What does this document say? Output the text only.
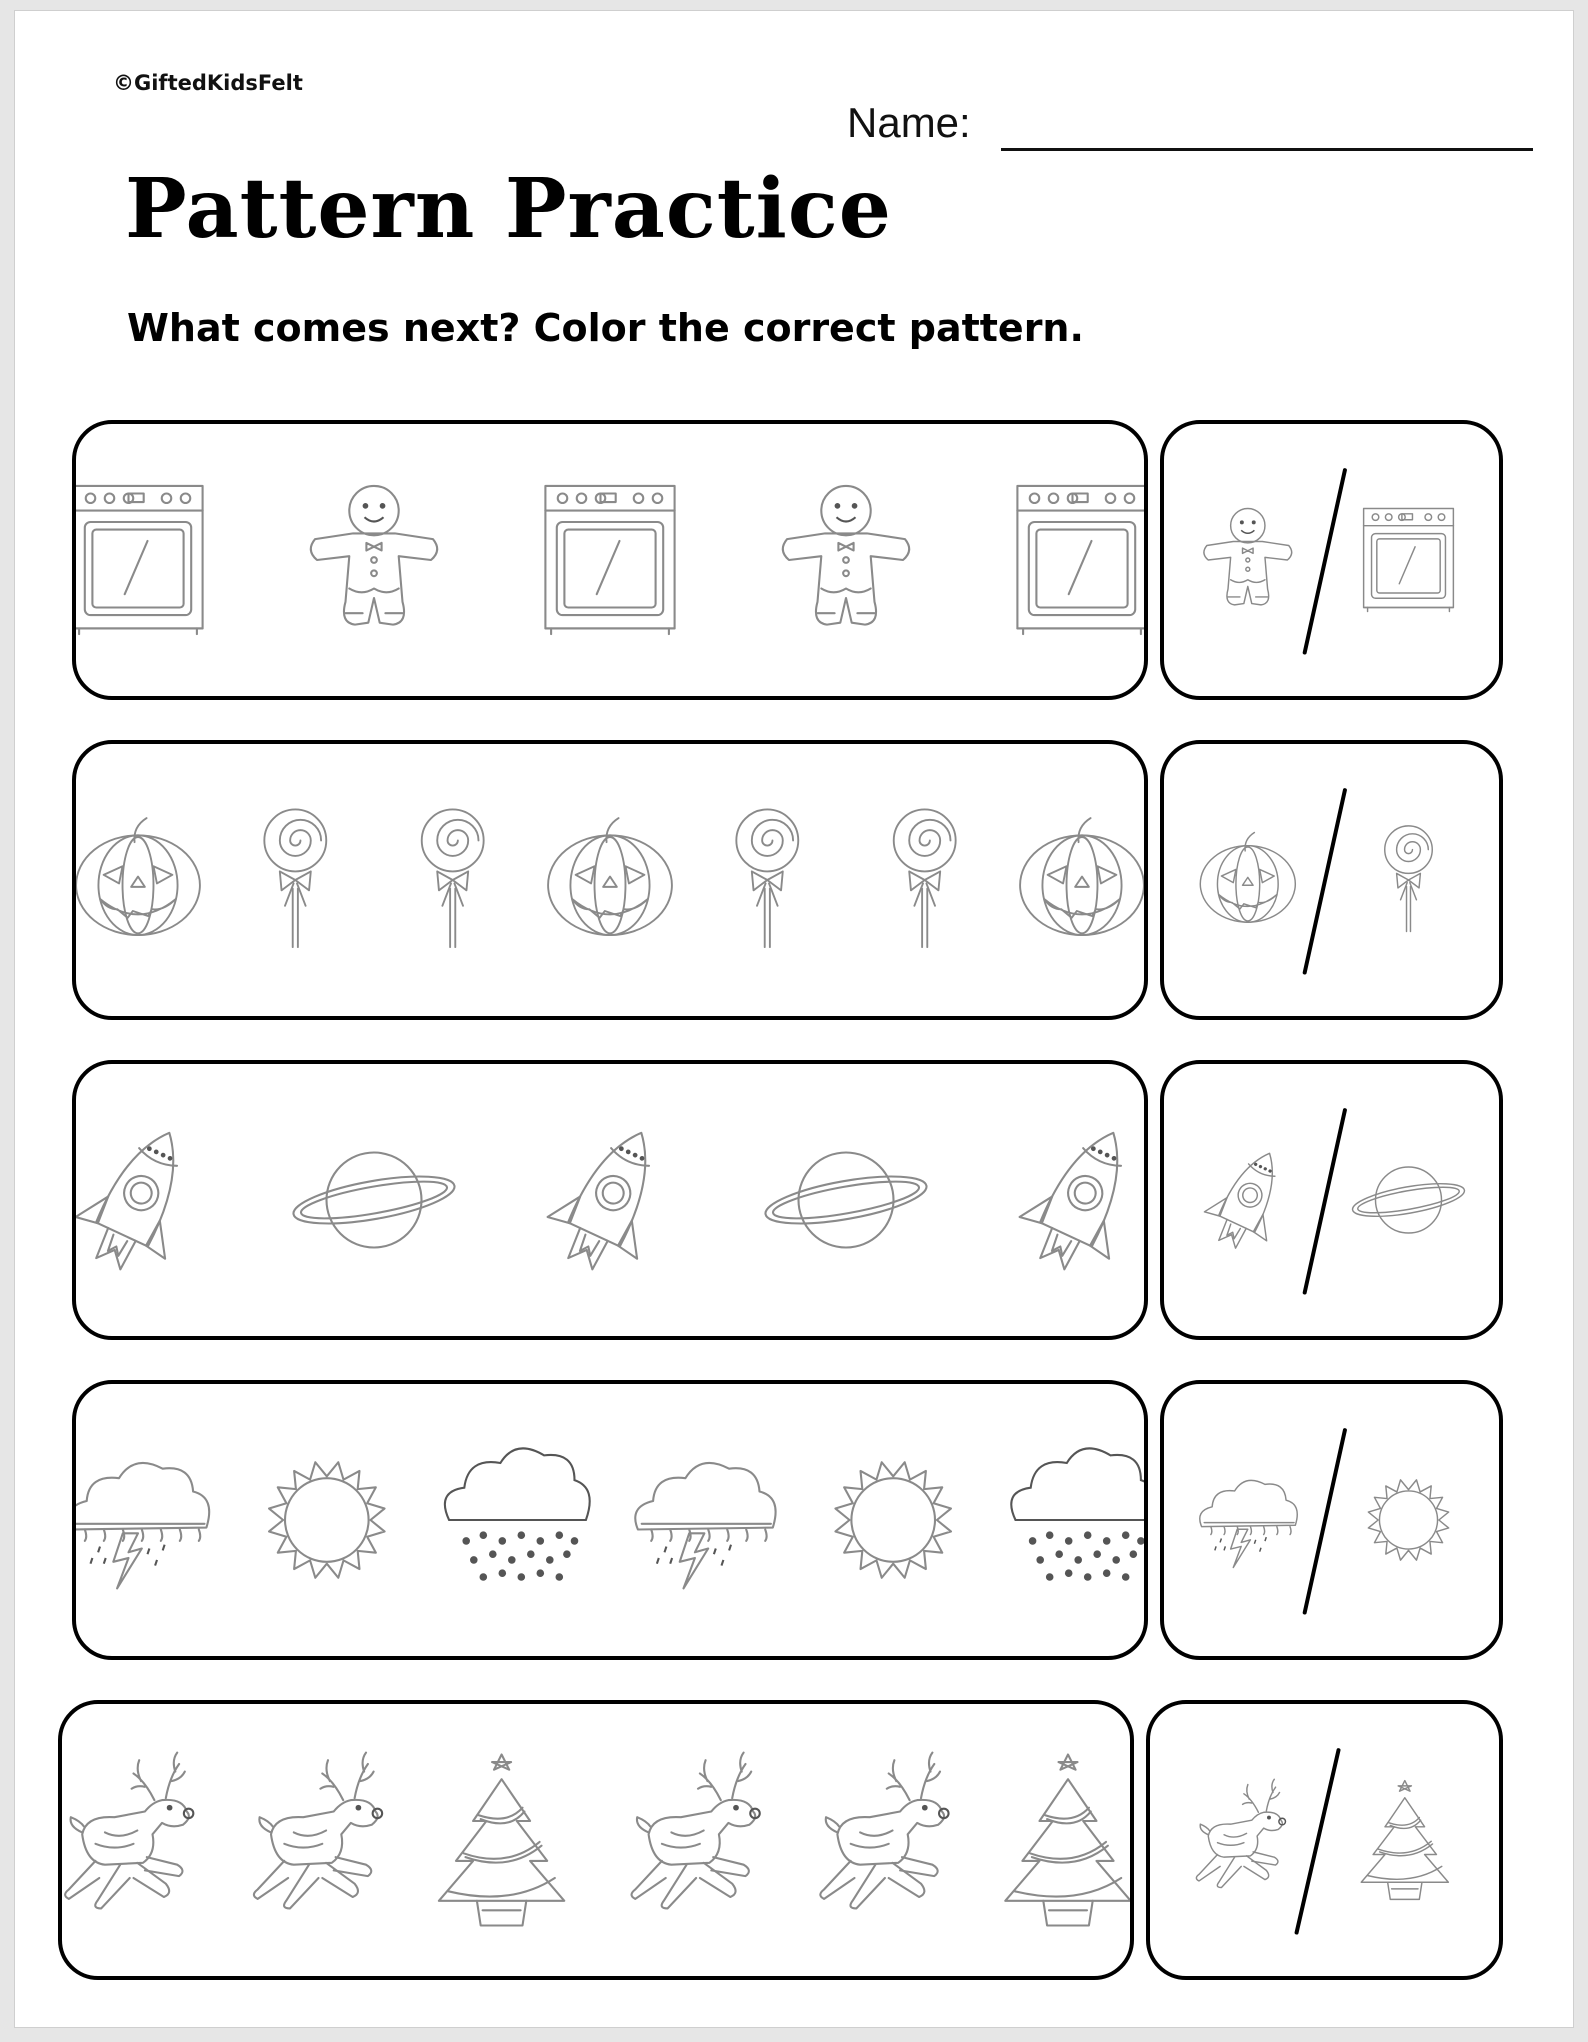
©GiftedKidsFelt
Name:
Pattern Practice
What comes next? Color the correct pattern.
